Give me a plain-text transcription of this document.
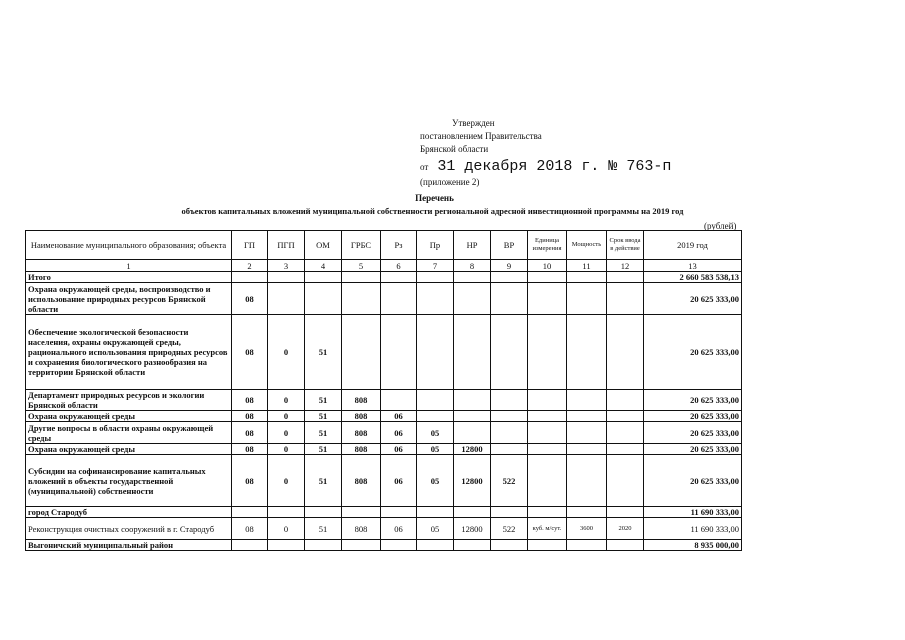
Утвержден
постановлением Правительства
Брянской области
от 31 декабря 2018 г. № 763-п
(приложение 2)
Перечень
объектов капитальных вложений муниципальной собственности региональной адресной инвестиционной программы на 2019 год
(рублей)
Наименование муниципального образования; объекта	ГП	ПГП	ОМ	ГРБС	Рз	Пр	НР	ВР	Единица измерения	Мощность	Срок ввода в действие	2019 год
1	2	3	4	5	6	7	8	9	10	11	12	13
Итого												2 660 583 538,13
Охрана окружающей среды, воспроизводство и использование природных ресурсов Брянской области	08											20 625 333,00
Обеспечение экологической безопасности населения, охраны окружающей среды, рационального использования природных ресурсов и сохранения биологического разнообразия на территории Брянской области	08	0	51									20 625 333,00
Департамент природных ресурсов и экологии Брянской области	08	0	51	808								20 625 333,00
Охрана окружающей среды	08	0	51	808	06							20 625 333,00
Другие вопросы в области охраны окружающей среды	08	0	51	808	06	05						20 625 333,00
Охрана окружающей среды	08	0	51	808	06	05	12800					20 625 333,00
Субсидии на софинансирование капитальных вложений в объекты государственной (муниципальной) собственности	08	0	51	808	06	05	12800	522				20 625 333,00
город Стародуб												11 690 333,00
Реконструкция очистных сооружений в г. Стародуб	08	0	51	808	06	05	12800	522	куб. м/сут.	3600	2020	11 690 333,00
Выгоничский муниципальный район												8 935 000,00
